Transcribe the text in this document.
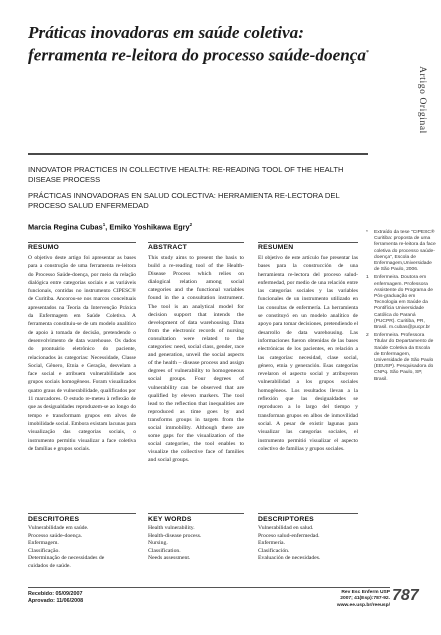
Práticas inovadoras em saúde coletiva: ferramenta re-leitora do processo saúde-doença*
Artigo Original
INNOVATOR PRACTICES IN COLLECTIVE HEALTH: RE-READING TOOL OF THE HEALTH DISEASE PROCESS
PRÁCTICAS INNOVADORAS EN SALUD COLECTIVA: HERRAMIENTA RE-LECTORA DEL PROCESO SALUD ENFERMEDAD
Marcia Regina Cubas$^1$, Emiko Yoshikawa Egry$^2$
RESUMO	ABSTRACT	RESUMEN
O objetivo deste artigo foi apresentar as bases para a construção de uma ferramenta re-leitora do Processo Saúde-doença, por meio da relação dialógica entre categorias sociais e as variáveis funcionais, contidas no instrumento CIPESC® de Curitiba. Ancorou-se nos marcos conceituais apresentados na Teoria da Intervenção Práxica da Enfermagem em Saúde Coletiva. A ferramenta constituiu-se de um modelo analítico de apoio à tomada de decisão, pretendendo o desenvolvimento de data warehouse. Os dados do prontuário eletrônico do paciente, relacionados às categorias: Necessidade, Classe Social, Gênero, Etnia e Geração, desvelam a face social e atribuem vulnerabilidade aos grupos sociais homogêneos. Foram visualizados quatro graus de vulnerabilidade, qualificados por 11 marcadores. O estudo re-meteu à reflexão de que as desigualdades reproduzem-se ao longo do tempo e transformam grupos em alvos de imobilidade social. Embora existam lacunas para visualização das categorias sociais, o instrumento permitiu visualizar a face coletiva de famílias e grupos sociais.
This study aims to present the basis to build a re-reading tool of the Health-Disease Process which relies on dialogical relation among social categories and the functional variables found in the a consultation instrument. The tool is an analytical model for decision support that intends the development of data warehousing. Data from the electronic records of nursing consultation were related to the categories: need, social class, gender, race and generation, unveil the social aspects of the health – disease process and assign degrees of vulnerability to homogeneous social groups. Four degrees of vulnerability can be observed that are qualified by eleven markers. The tool lead to the reflection that inequalities are reproduced as time goes by and transforms groups in targets from the social immobility. Although there are some gaps for the visualization of the social categories, the tool enables to visualize the collective face of families and social groups.
El objetivo de este artículo fue presentar las bases para la construcción de una herramienta re-lectora del proceso salud-enfermedad, por medio de una relación entre las categorías sociales y las variables funcionales de un instrumento utilizado en las consultas de enfermería. La herramienta se constituyó en un modelo analítico de apoyo para tomar decisiones, pretendiendo el desarrollo de data warehousing. Las informaciones fueron obtenidas de las bases electrónicas de los pacientes, en relación a las categorías: necesidad, clase social, género, etnia y generación. Esas categorías revelaron el aspecto social y atribuyeron vulnerabilidad a los grupos sociales homogéneos. Los resultados llevan a la reflexión que las desigualdades se reproducen a lo largo del tiempo y transforman grupos en albos de inmovilidad social. A pesar de existir lagunas para visualizar las categorías sociales, el instrumento permitió visualizar el aspecto colectivo de familias y grupos sociales.
DESCRITORES	KEY WORDS	DESCRIPTORES
Vulnerabilidade em saúde.
Processo saúde-doença.
Enfermagem.
Classificação.
Determinação de necessidades de cuidados de saúde.
Health vulnerability.
Health-disease process.
Nursing.
Classification.
Needs assessment.
Vulnerabilidad en salud.
Proceso salud-enfermedad.
Enfermería.
Clasificación.
Evaluación de necesidades.
*	Extraído da tese "CIPESC® Curitiba: proposta de uma ferramenta re-leitora da face coletiva do processo saúde-doença", Escola de Enfermagem,Universidade de São Paulo, 2006.
1	Enfermeira. Doutora em enfermagem. Professora Assistente do Programa de Pós-graduação em Tecnologia em Saúde da Pontifícia Universidade Católica do Paraná (PUCPR). Curitiba, PR, Brasil. m.cubas@pucpr.br
2	Enfermeira. Professora Titular do Departamento de Saúde Coletiva da Escola de Enfermagem, Universidade de São Paulo (EEUSP). Pesquisadora do CNPq. São Paulo, SP, Brasil.
Recebido: 05/09/2007
Aprovado: 11/06/2008
Rev Esc Enferm USP
2007; 41(Esp):787-92.
www.ee.usp.br/reeusp/
787
